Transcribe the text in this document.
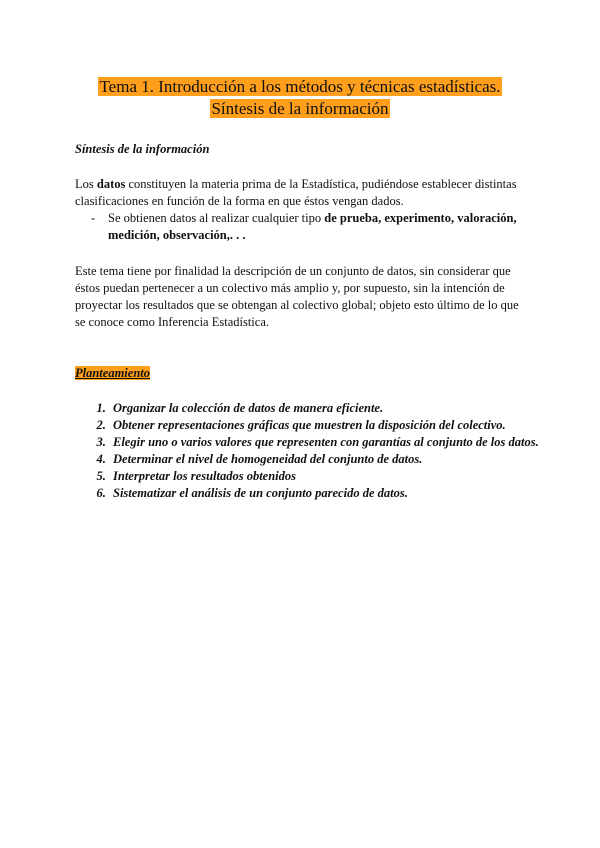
Tema 1. Introducción a los métodos y técnicas estadísticas.
Síntesis de la información
Síntesis de la información
Los datos constituyen la materia prima de la Estadística, pudiéndose establecer distintas clasificaciones en función de la forma en que éstos vengan dados.
-	Se obtienen datos al realizar cualquier tipo de prueba, experimento, valoración, medición, observación,. . .
Este tema tiene por finalidad la descripción de un conjunto de datos, sin considerar que éstos puedan pertenecer a un colectivo más amplio y, por supuesto, sin la intención de proyectar los resultados que se obtengan al colectivo global; objeto esto último de lo que se conoce como Inferencia Estadística.
Planteamiento
1. Organizar la colección de datos de manera eficiente.
2. Obtener representaciones gráficas que muestren la disposición del colectivo.
3. Elegir uno o varios valores que representen con garantías al conjunto de los datos.
4. Determinar el nivel de homogeneidad del conjunto de datos.
5. Interpretar los resultados obtenidos
6. Sistematizar el análisis de un conjunto parecido de datos.
